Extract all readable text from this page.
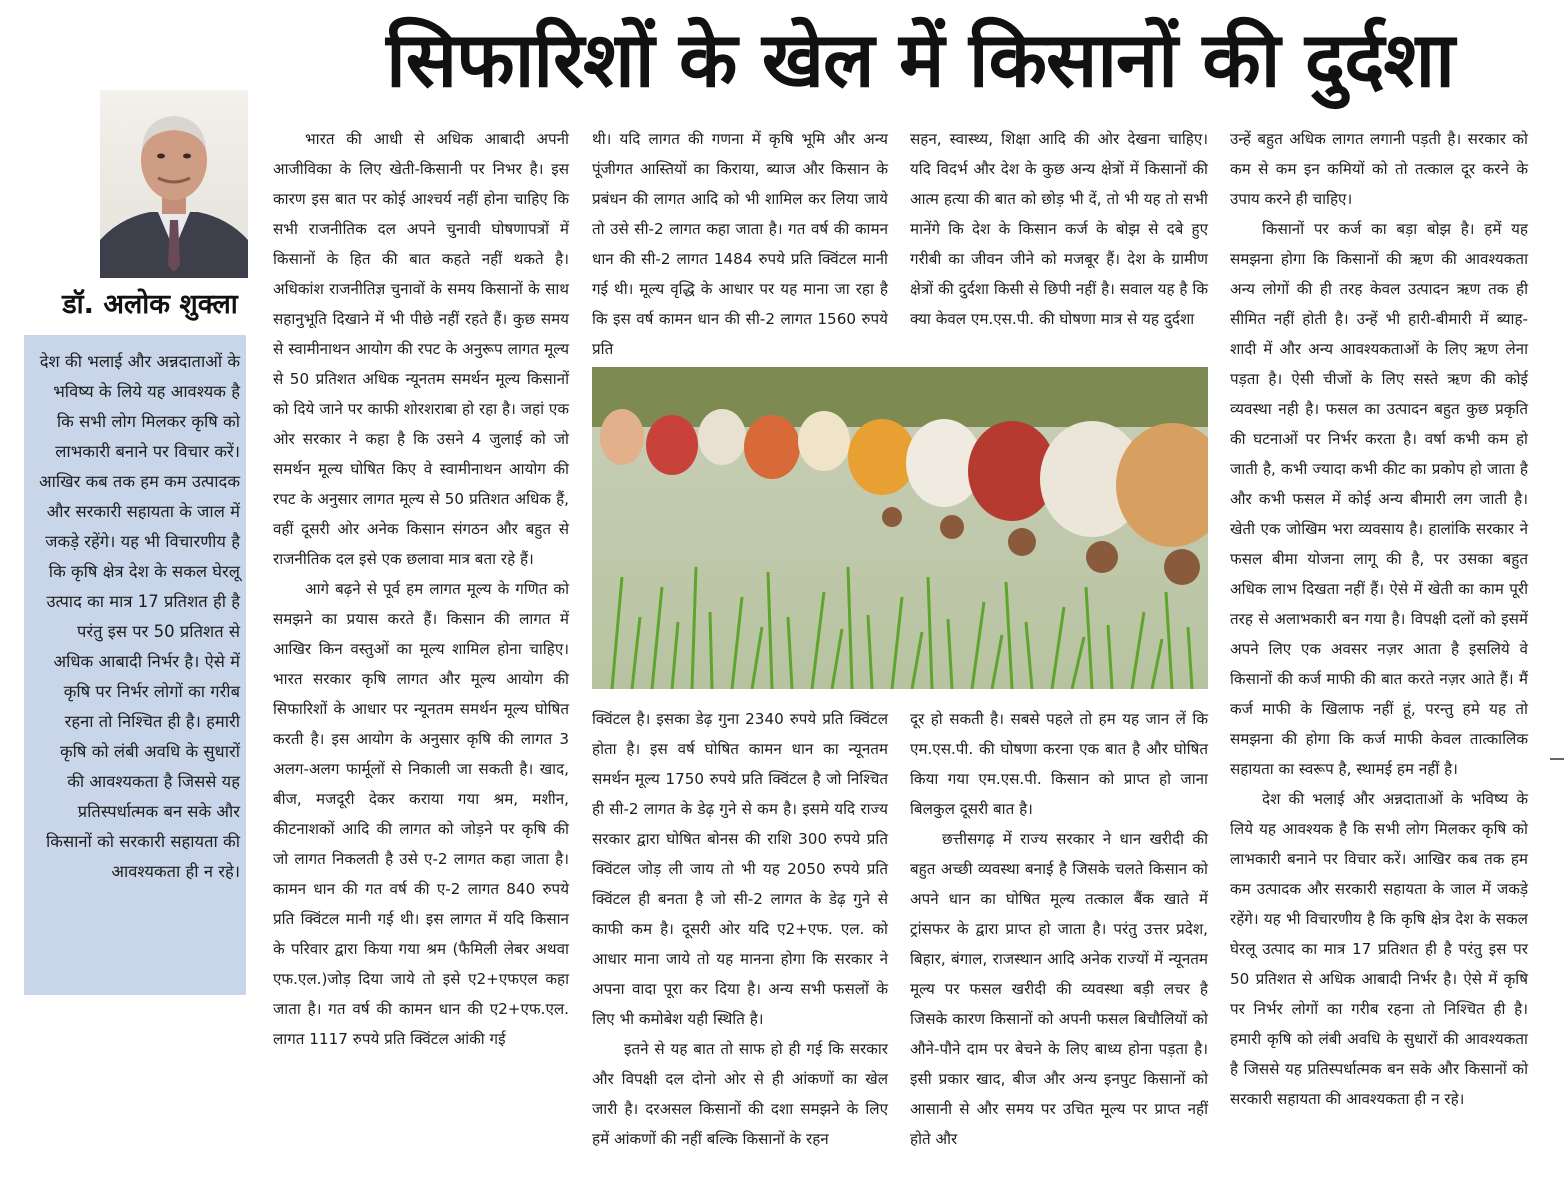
सिफारिशों के खेल में किसानों की दुर्दशा
डॉ. अलोक शुक्ला
देश की भलाई और अन्नदाताओं के भविष्य के लिये यह आवश्यक है कि सभी लोग मिलकर कृषि को लाभकारी बनाने पर विचार करें। आखिर कब तक हम कम उत्पादक और सरकारी सहायता के जाल में जकड़े रहेंगे। यह भी विचारणीय है कि कृषि क्षेत्र देश के सकल घेरलू उत्पाद का मात्र 17 प्रतिशत ही है परंतु इस पर 50 प्रतिशत से अधिक आबादी निर्भर है। ऐसे में कृषि पर निर्भर लोगों का गरीब रहना तो निश्चित ही है। हमारी कृषि को लंबी अवधि के सुधारों की आवश्यकता है जिससे यह प्रतिस्पर्धात्मक बन सके और किसानों को सरकारी सहायता की आवश्यकता ही न रहे।

भारत की आधी से अधिक आबादी अपनी आजीविका के लिए खेती-किसानी पर निभर है। इस कारण इस बात पर कोई आश्चर्य नहीं होना चाहिए कि सभी राजनीतिक दल अपने चुनावी घोषणापत्रों में किसानों के हित की बात कहते नहीं थकते है। अधिकांश राजनीतिज्ञ चुनावों के समय किसानों के साथ सहानुभूति दिखाने में भी पीछे नहीं रहते हैं। कुछ समय से स्वामीनाथन आयोग की रपट के अनुरूप लागत मूल्य से 50 प्रतिशत अधिक न्यूनतम समर्थन मूल्य किसानों को दिये जाने पर काफी शोरशराबा हो रहा है। जहां एक ओर सरकार ने कहा है कि उसने 4 जुलाई को जो समर्थन मूल्य घोषित किए वे स्वामीनाथन आयोग की रपट के अनुसार लागत मूल्य से 50 प्रतिशत अधिक हैं, वहीं दूसरी ओर अनेक किसान संगठन और बहुत से राजनीतिक दल इसे एक छलावा मात्र बता रहे हैं।

आगे बढ़ने से पूर्व हम लागत मूल्य के गणित को समझने का प्रयास करते हैं। किसान की लागत में आखिर किन वस्तुओं का मूल्य शामिल होना चाहिए। भारत सरकार कृषि लागत और मूल्य आयोग की सिफारिशों के आधार पर न्यूनतम समर्थन मूल्य घोषित करती है। इस आयोग के अनुसार कृषि की लागत 3 अलग-अलग फार्मूलों से निकाली जा सकती है। खाद, बीज, मजदूरी देकर कराया गया श्रम, मशीन, कीटनाशकों आदि की लागत को जोड़ने पर कृषि की जो लागत निकलती है उसे ए-2 लागत कहा जाता है। कामन धान की गत वर्ष की ए-2 लागत 840 रुपये प्रति क्विंटल मानी गई थी। इस लागत में यदि किसान के परिवार द्वारा किया गया श्रम (फैमिली लेबर अथवा एफ.एल.)जोड़ दिया जाये तो इसे ए2+एफएल कहा जाता है। गत वर्ष की कामन धान की ए2+एफ.एल. लागत 1117 रुपये प्रति क्विंटल आंकी गई

थी। यदि लागत की गणना में कृषि भूमि और अन्य पूंजीगत आस्तियों का किराया, ब्याज और किसान के प्रबंधन की लागत आदि को भी शामिल कर लिया जाये तो उसे सी-2 लागत कहा जाता है। गत वर्ष की कामन धान की सी-2 लागत 1484 रुपये प्रति क्विंटल मानी गई थी। मूल्य वृद्धि के आधार पर यह माना जा रहा है कि इस वर्ष कामन धान की सी-2 लागत 1560 रुपये प्रति

सहन, स्वास्थ्य, शिक्षा आदि की ओर देखना चाहिए। यदि विदर्भ और देश के कुछ अन्य क्षेत्रों में किसानों की आत्म हत्या की बात को छोड़ भी दें, तो भी यह तो सभी मानेंगे कि देश के किसान कर्ज के बोझ से दबे हुए गरीबी का जीवन जीने को मजबूर हैं। देश के ग्रामीण क्षेत्रों की दुर्दशा किसी से छिपी नहीं है। सवाल यह है कि क्या केवल एम.एस.पी. की घोषणा मात्र से यह दुर्दशा

क्विंटल है। इसका डेढ़ गुना 2340 रुपये प्रति क्विंटल होता है। इस वर्ष घोषित कामन धान का न्यूनतम समर्थन मूल्य 1750 रुपये प्रति क्विंटल है जो निश्चित ही सी-2 लागत के डेढ़ गुने से कम है। इसमे यदि राज्य सरकार द्वारा घोषित बोनस की राशि 300 रुपये प्रति क्विंटल जोड़ ली जाय तो भी यह 2050 रुपये प्रति क्विंटल ही बनता है जो सी-2 लागत के डेढ़ गुने से काफी कम है। दूसरी ओर यदि ए2+एफ. एल. को आधार माना जाये तो यह मानना होगा कि सरकार ने अपना वादा पूरा कर दिया है। अन्य सभी फसलों के लिए भी कमोबेश यही स्थिति है।

इतने से यह बात तो साफ हो ही गई कि सरकार और विपक्षी दल दोनो ओर से ही आंकणों का खेल जारी है। दरअसल किसानों की दशा समझने के लिए हमें आंकणों की नहीं बल्कि किसानों के रहन

दूर हो सकती है। सबसे पहले तो हम यह जान लें कि एम.एस.पी. की घोषणा करना एक बात है और घोषित किया गया एम.एस.पी. किसान को प्राप्त हो जाना बिलकुल दूसरी बात है।

छत्तीसगढ़ में राज्य सरकार ने धान खरीदी की बहुत अच्छी व्यवस्था बनाई है जिसके चलते किसान को अपने धान का घोषित मूल्य तत्काल बैंक खाते में ट्रांसफर के द्वारा प्राप्त हो जाता है। परंतु उत्तर प्रदेश, बिहार, बंगाल, राजस्थान आदि अनेक राज्यों में न्यूनतम मूल्य पर फसल खरीदी की व्यवस्था बड़ी लचर है जिसके कारण किसानों को अपनी फसल बिचौलियों को औने-पौने दाम पर बेचने के लिए बाध्य होना पड़ता है। इसी प्रकार खाद, बीज और अन्य इनपुट किसानों को आसानी से और समय पर उचित मूल्य पर प्राप्त नहीं होते और

उन्हें बहुत अधिक लागत लगानी पड़ती है। सरकार को कम से कम इन कमियों को तो तत्काल दूर करने के उपाय करने ही चाहिए।

किसानों पर कर्ज का बड़ा बोझ है। हमें यह समझना होगा कि किसानों की ऋण की आवश्यकता अन्य लोगों की ही तरह केवल उत्पादन ऋण तक ही सीमित नहीं होती है। उन्हें भी हारी-बीमारी में ब्याह-शादी में और अन्य आवश्यकताओं के लिए ऋण लेना पड़ता है। ऐसी चीजों के लिए सस्ते ऋण की कोई व्यवस्था नही है। फसल का उत्पादन बहुत कुछ प्रकृति की घटनाओं पर निर्भर करता है। वर्षा कभी कम हो जाती है, कभी ज्यादा कभी कीट का प्रकोप हो जाता है और कभी फसल में कोई अन्य बीमारी लग जाती है। खेती एक जोखिम भरा व्यवसाय है। हालांकि सरकार ने फसल बीमा योजना लागू की है, पर उसका बहुत अधिक लाभ दिखता नहीं हैं। ऐसे में खेती का काम पूरी तरह से अलाभकारी बन गया है। विपक्षी दलों को इसमें अपने लिए एक अवसर नज़र आता है इसलिये वे किसानों की कर्ज माफी की बात करते नज़र आते हैं। मैं कर्ज माफी के खिलाफ नहीं हूं, परन्तु हमे यह तो समझना की होगा कि कर्ज माफी केवल तात्कालिक सहायता का स्वरूप है, स्थामई हम नहीं है।

देश की भलाई और अन्नदाताओं के भविष्य के लिये यह आवश्यक है कि सभी लोग मिलकर कृषि को लाभकारी बनाने पर विचार करें। आखिर कब तक हम कम उत्पादक और सरकारी सहायता के जाल में जकड़े रहेंगे। यह भी विचारणीय है कि कृषि क्षेत्र देश के सकल घेरलू उत्पाद का मात्र 17 प्रतिशत ही है परंतु इस पर 50 प्रतिशत से अधिक आबादी निर्भर है। ऐसे में कृषि पर निर्भर लोगों का गरीब रहना तो निश्चित ही है। हमारी कृषि को लंबी अवधि के सुधारों की आवश्यकता है जिससे यह प्रतिस्पर्धात्मक बन सके और किसानों को सरकारी सहायता की आवश्यकता ही न रहे।
